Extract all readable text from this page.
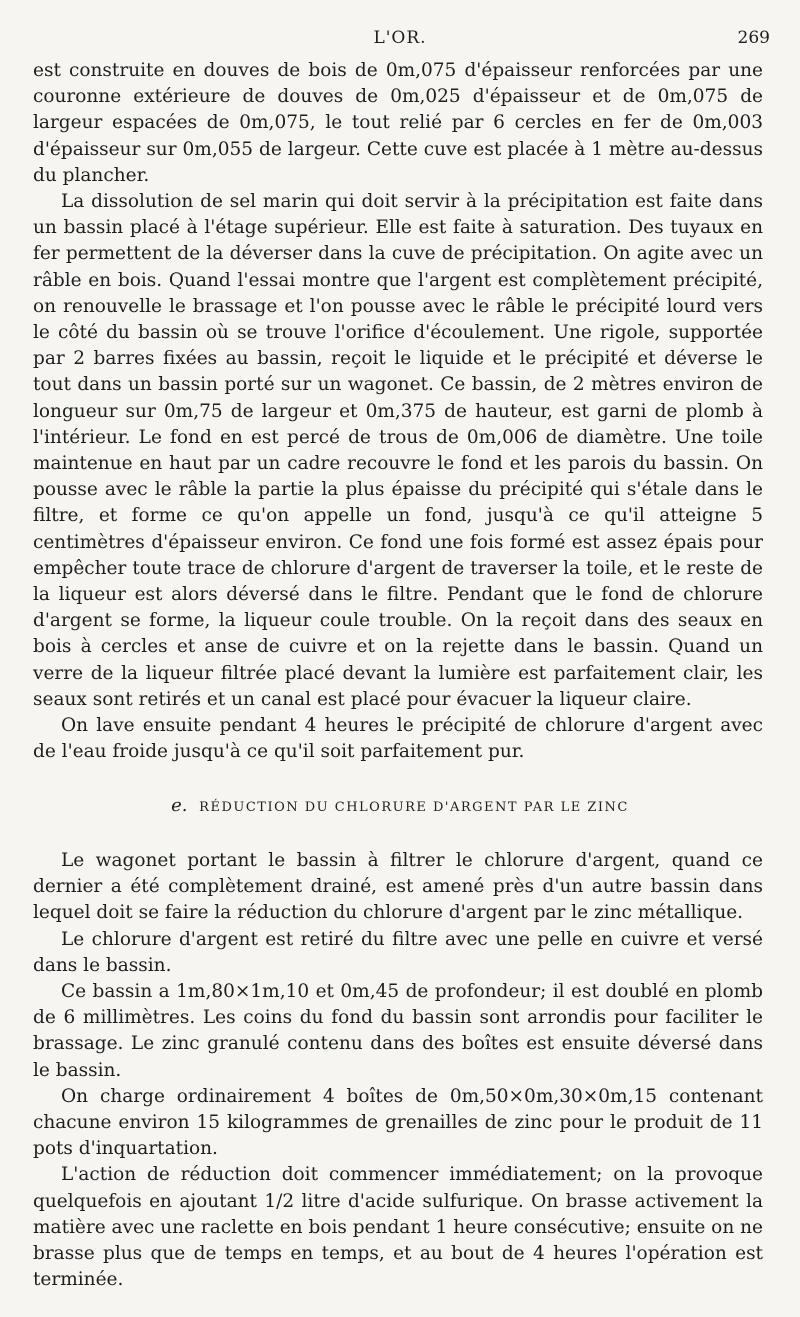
L'OR.	269

est construite en douves de bois de 0m,075 d'épaisseur renforcées par une couronne extérieure de douves de 0m,025 d'épaisseur et de 0m,075 de largeur espacées de 0m,075, le tout relié par 6 cercles en fer de 0m,003 d'épaisseur sur 0m,055 de largeur. Cette cuve est placée à 1 mètre au-dessus du plancher.

La dissolution de sel marin qui doit servir à la précipitation est faite dans un bassin placé à l'étage supérieur. Elle est faite à saturation. Des tuyaux en fer permettent de la déverser dans la cuve de précipitation. On agite avec un râble en bois. Quand l'essai montre que l'argent est complètement précipité, on renouvelle le brassage et l'on pousse avec le râble le précipité lourd vers le côté du bassin où se trouve l'orifice d'écoulement. Une rigole, supportée par 2 barres fixées au bassin, reçoit le liquide et le précipité et déverse le tout dans un bassin porté sur un wagonet. Ce bassin, de 2 mètres environ de longueur sur 0m,75 de largeur et 0m,375 de hauteur, est garni de plomb à l'intérieur. Le fond en est percé de trous de 0m,006 de diamètre. Une toile maintenue en haut par un cadre recouvre le fond et les parois du bassin. On pousse avec le râble la partie la plus épaisse du précipité qui s'étale dans le filtre, et forme ce qu'on appelle un fond, jusqu'à ce qu'il atteigne 5 centimètres d'épaisseur environ. Ce fond une fois formé est assez épais pour empêcher toute trace de chlorure d'argent de traverser la toile, et le reste de la liqueur est alors déversé dans le filtre. Pendant que le fond de chlorure d'argent se forme, la liqueur coule trouble. On la reçoit dans des seaux en bois à cercles et anse de cuivre et on la rejette dans le bassin. Quand un verre de la liqueur filtrée placé devant la lumière est parfaitement clair, les seaux sont retirés et un canal est placé pour évacuer la liqueur claire.

On lave ensuite pendant 4 heures le précipité de chlorure d'argent avec de l'eau froide jusqu'à ce qu'il soit parfaitement pur.

e. RÉDUCTION DU CHLORURE D'ARGENT PAR LE ZINC

Le wagonet portant le bassin à filtrer le chlorure d'argent, quand ce dernier a été complètement drainé, est amené près d'un autre bassin dans lequel doit se faire la réduction du chlorure d'argent par le zinc métallique.

Le chlorure d'argent est retiré du filtre avec une pelle en cuivre et versé dans le bassin.

Ce bassin a 1m,80×1m,10 et 0m,45 de profondeur; il est doublé en plomb de 6 millimètres. Les coins du fond du bassin sont arrondis pour faciliter le brassage. Le zinc granulé contenu dans des boîtes est ensuite déversé dans le bassin.

On charge ordinairement 4 boîtes de 0m,50×0m,30×0m,15 contenant chacune environ 15 kilogrammes de grenailles de zinc pour le produit de 11 pots d'inquartation.

L'action de réduction doit commencer immédiatement; on la provoque quelquefois en ajoutant 1/2 litre d'acide sulfurique. On brasse activement la matière avec une raclette en bois pendant 1 heure consécutive; ensuite on ne brasse plus que de temps en temps, et au bout de 4 heures l'opération est terminée.
